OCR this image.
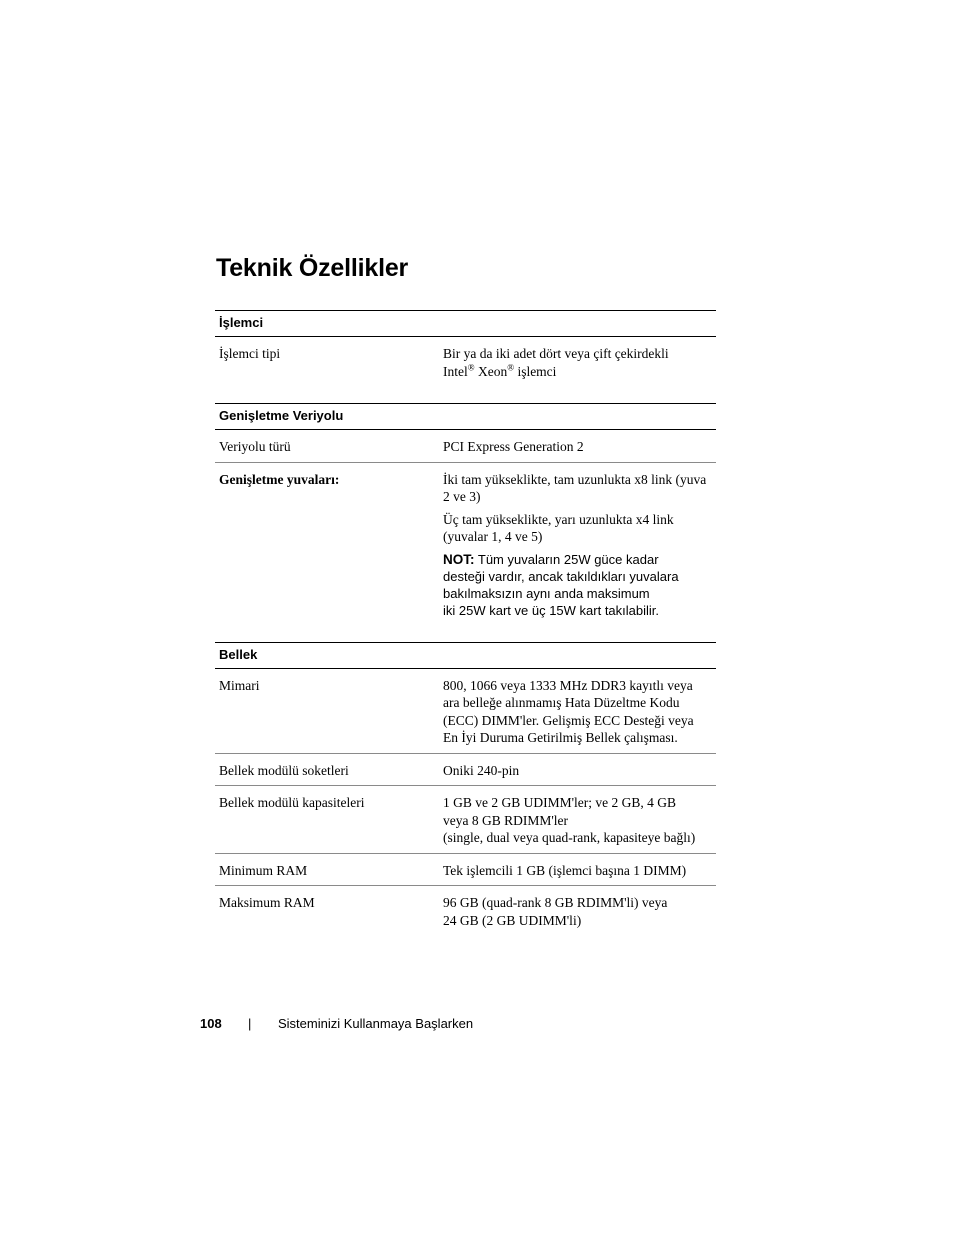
Teknik Özellikler
İşlemci
İşlemci tipi	Bir ya da iki adet dört veya çift çekirdekli
Intel® Xeon® işlemci
Genişletme Veriyolu
Veriyolu türü	PCI Express Generation 2
Genişletme yuvaları:	İki tam yükseklikte, tam uzunlukta x8 link (yuva 2 ve 3)

Üç tam yükseklikte, yarı uzunlukta x4 link (yuvalar 1, 4 ve 5)

NOT: Tüm yuvaların 25W güce kadar
desteği vardır, ancak takıldıkları yuvalara
bakılmaksızın aynı anda maksimum
iki 25W kart ve üç 15W kart takılabilir.

Bellek
Mimari	800, 1066 veya 1333 MHz DDR3 kayıtlı veya
ara belleğe alınmamış Hata Düzeltme Kodu
(ECC) DIMM'ler. Gelişmiş ECC Desteği veya
En İyi Duruma Getirilmiş Bellek çalışması.
Bellek modülü soketleri	Oniki 240-pin
Bellek modülü kapasiteleri	1 GB ve 2 GB UDIMM'ler; ve 2 GB, 4 GB
veya 8 GB RDIMM'ler
(single, dual veya quad-rank, kapasiteye bağlı)
Minimum RAM	Tek işlemcili 1 GB (işlemci başına 1 DIMM)
Maksimum RAM	96 GB (quad-rank 8 GB RDIMM'li) veya
24 GB (2 GB UDIMM'li)
108 | Sisteminizi Kullanmaya Başlarken
